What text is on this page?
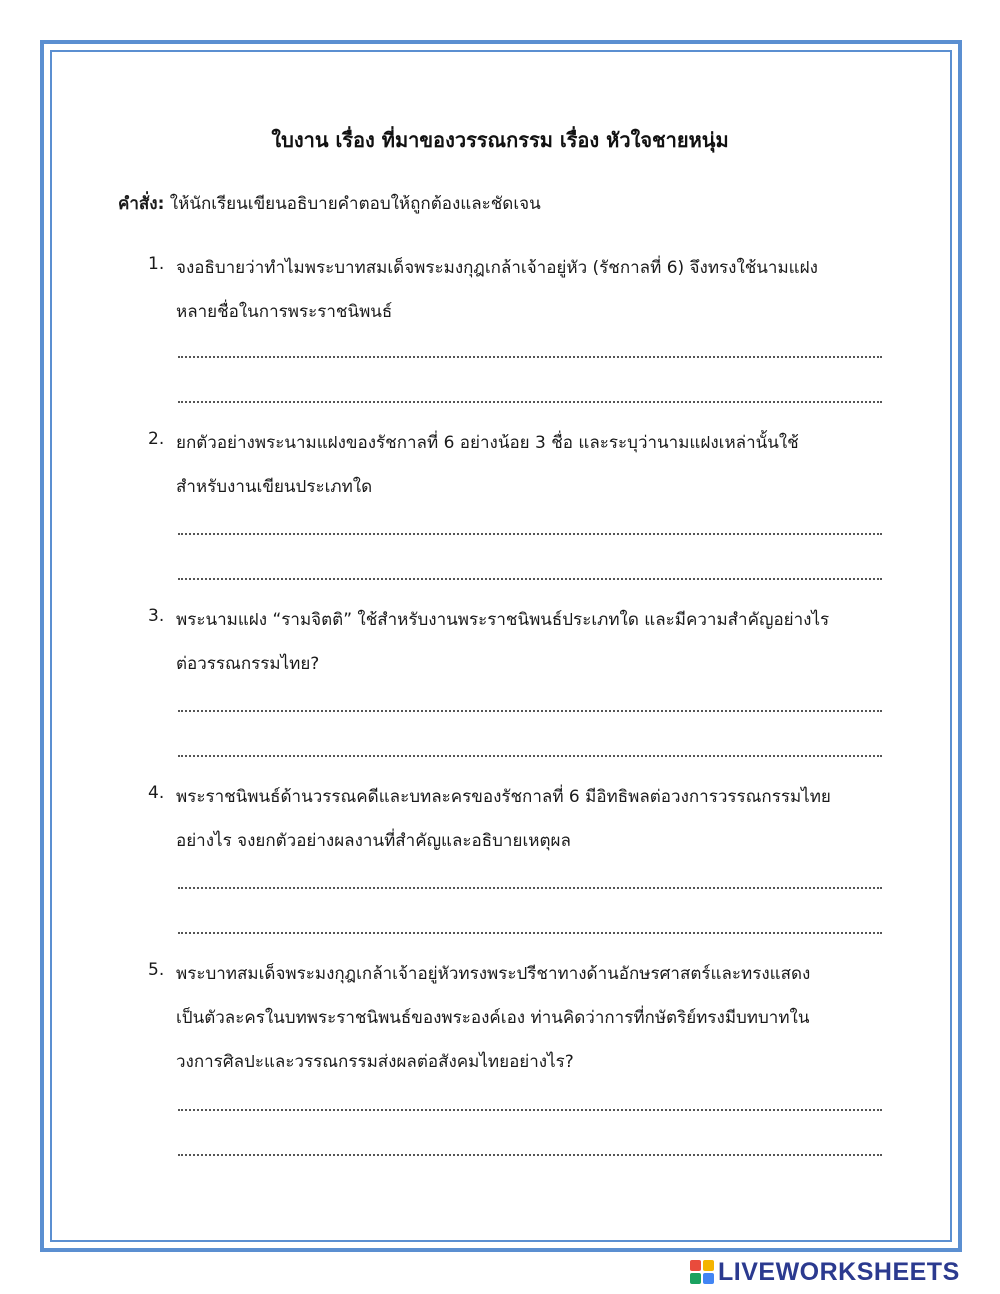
ใบงาน เรื่อง ที่มาของวรรณกรรม เรื่อง หัวใจชายหนุ่ม
คำสั่ง: ให้นักเรียนเขียนอธิบายคำตอบให้ถูกต้องและชัดเจน
1. จงอธิบายว่าทำไมพระบาทสมเด็จพระมงกุฎเกล้าเจ้าอยู่หัว (รัชกาลที่ 6) จึงทรงใช้นามแฝง
หลายชื่อในการพระราชนิพนธ์
2. ยกตัวอย่างพระนามแฝงของรัชกาลที่ 6 อย่างน้อย 3 ชื่อ และระบุว่านามแฝงเหล่านั้นใช้
สำหรับงานเขียนประเภทใด
3. พระนามแฝง “รามจิตติ” ใช้สำหรับงานพระราชนิพนธ์ประเภทใด และมีความสำคัญอย่างไร
ต่อวรรณกรรมไทย?
4. พระราชนิพนธ์ด้านวรรณคดีและบทละครของรัชกาลที่ 6 มีอิทธิพลต่อวงการวรรณกรรมไทย
อย่างไร จงยกตัวอย่างผลงานที่สำคัญและอธิบายเหตุผล
5. พระบาทสมเด็จพระมงกุฎเกล้าเจ้าอยู่หัวทรงพระปรีชาทางด้านอักษรศาสตร์และทรงแสดง
เป็นตัวละครในบทพระราชนิพนธ์ของพระองค์เอง ท่านคิดว่าการที่กษัตริย์ทรงมีบทบาทใน
วงการศิลปะและวรรณกรรมส่งผลต่อสังคมไทยอย่างไร?
LIVEWORKSHEETS
